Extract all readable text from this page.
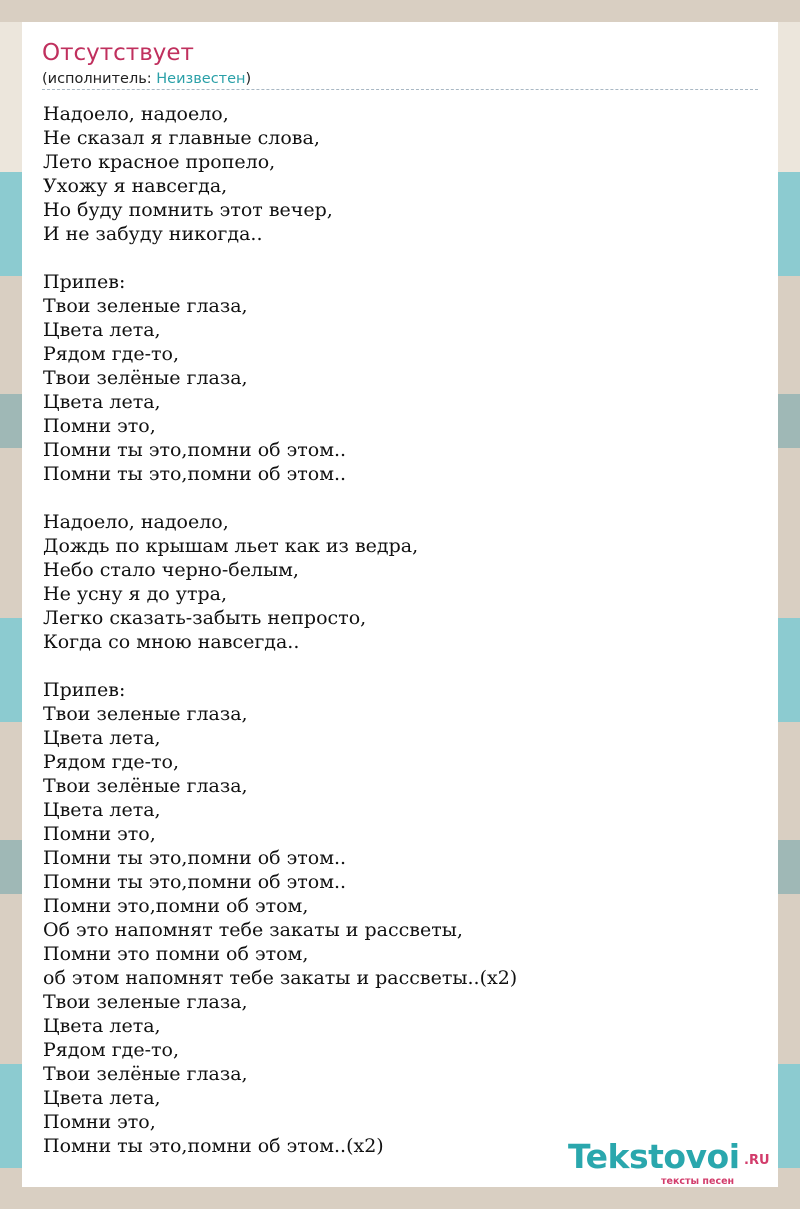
Отсутствует
(исполнитель: Неизвестен)
Надоело, надоело,
Не сказал я главные слова,
Лето красное пропело,
Ухожу я навсегда,
Но буду помнить этот вечер,
И не забуду никогда..
Припев:
Твои зеленые глаза,
Цвета лета,
Рядом где-то,
Твои зелёные глаза,
Цвета лета,
Помни это,
Помни ты это,помни об этом..
Помни ты это,помни об этом..
Надоело, надоело,
Дождь по крышам льет как из ведра,
Небо стало черно-белым,
Не усну я до утра,
Легко сказать-забыть непросто,
Когда со мною навсегда..
Припев:
Твои зеленые глаза,
Цвета лета,
Рядом где-то,
Твои зелёные глаза,
Цвета лета,
Помни это,
Помни ты это,помни об этом..
Помни ты это,помни об этом..
Помни это,помни об этом,
Об это напомнят тебе закаты и рассветы,
Помни это помни об этом,
об этом напомнят тебе закаты и рассветы..(x2)
Твои зеленые глаза,
Цвета лета,
Рядом где-то,
Твои зелёные глаза,
Цвета лета,
Помни это,
Помни ты это,помни об этом..(x2)	Tekstovoi .RU
тексты песен
